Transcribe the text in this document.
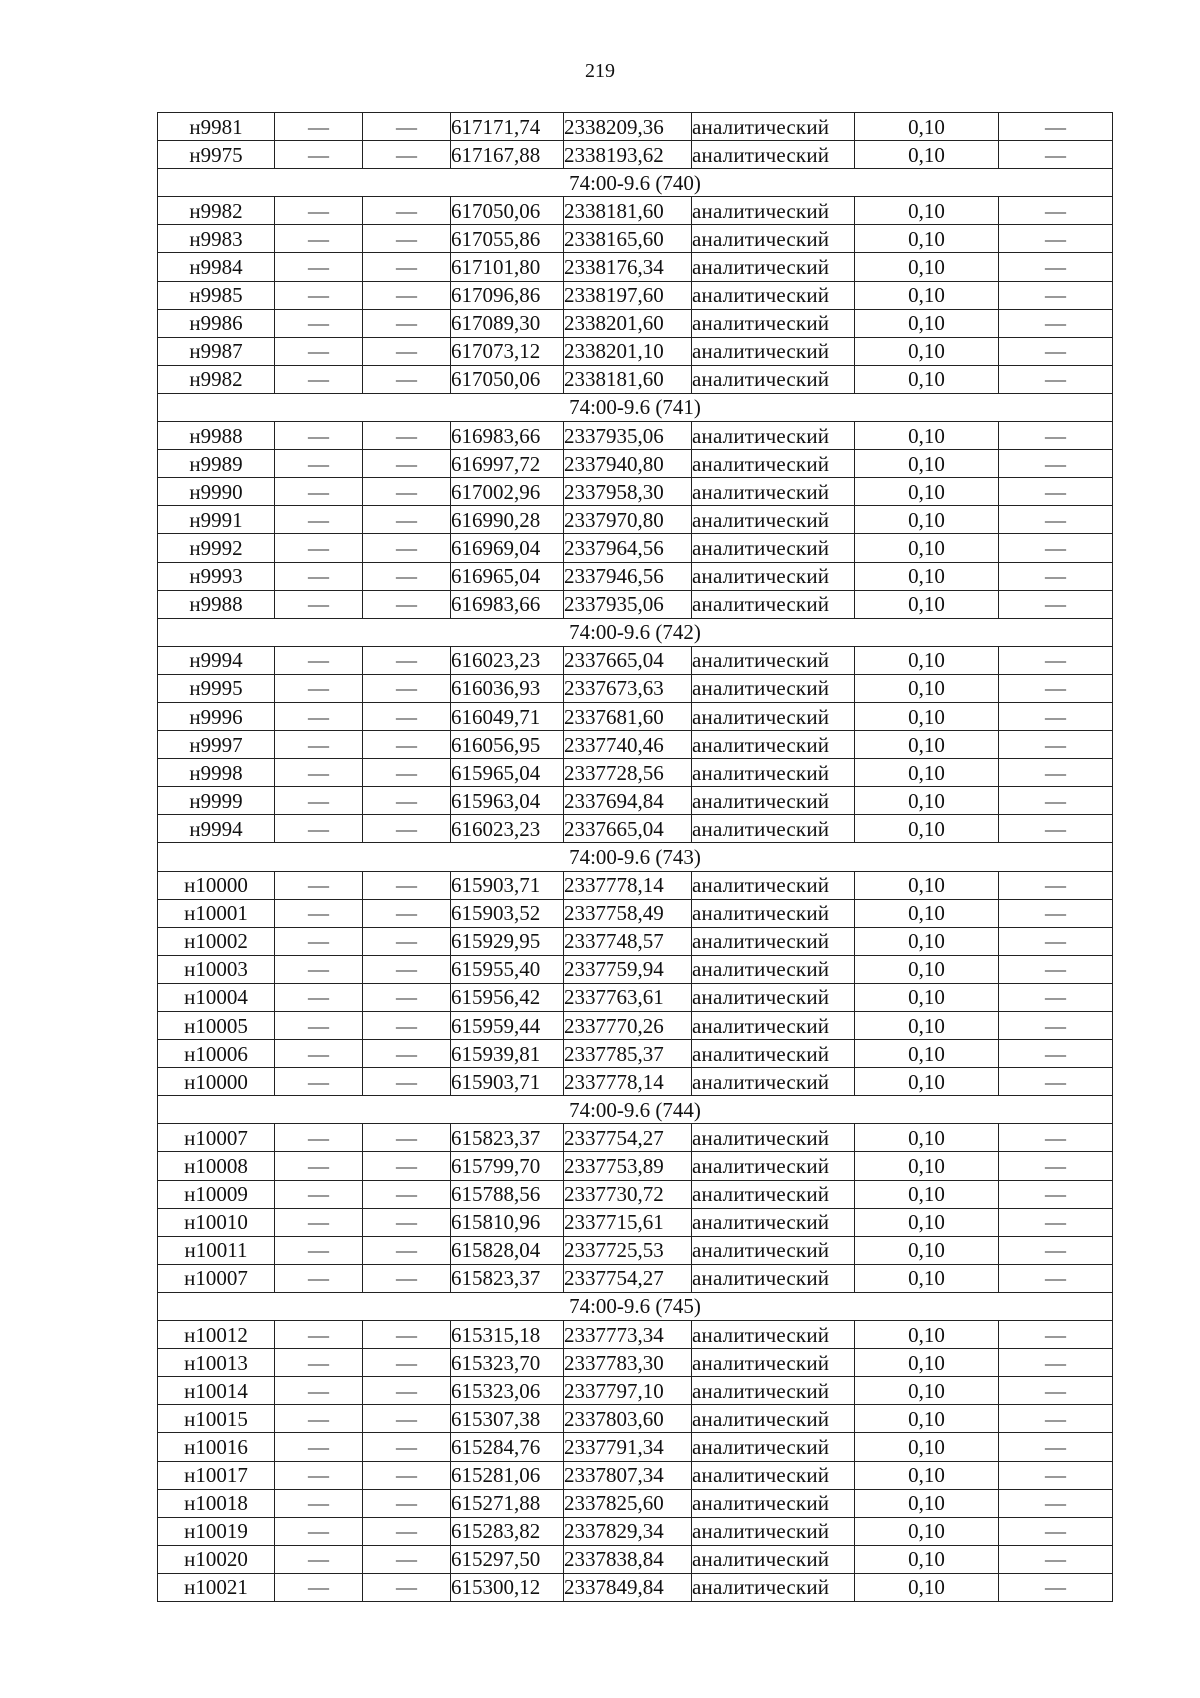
219
н9981	—	—	617171,74	2338209,36	аналитический	0,10	—
н9975	—	—	617167,88	2338193,62	аналитический	0,10	—
74:00-9.6 (740)							
н9982	—	—	617050,06	2338181,60	аналитический	0,10	—
н9983	—	—	617055,86	2338165,60	аналитический	0,10	—
н9984	—	—	617101,80	2338176,34	аналитический	0,10	—
н9985	—	—	617096,86	2338197,60	аналитический	0,10	—
н9986	—	—	617089,30	2338201,60	аналитический	0,10	—
н9987	—	—	617073,12	2338201,10	аналитический	0,10	—
н9982	—	—	617050,06	2338181,60	аналитический	0,10	—
74:00-9.6 (741)							
н9988	—	—	616983,66	2337935,06	аналитический	0,10	—
н9989	—	—	616997,72	2337940,80	аналитический	0,10	—
н9990	—	—	617002,96	2337958,30	аналитический	0,10	—
н9991	—	—	616990,28	2337970,80	аналитический	0,10	—
н9992	—	—	616969,04	2337964,56	аналитический	0,10	—
н9993	—	—	616965,04	2337946,56	аналитический	0,10	—
н9988	—	—	616983,66	2337935,06	аналитический	0,10	—
74:00-9.6 (742)							
н9994	—	—	616023,23	2337665,04	аналитический	0,10	—
н9995	—	—	616036,93	2337673,63	аналитический	0,10	—
н9996	—	—	616049,71	2337681,60	аналитический	0,10	—
н9997	—	—	616056,95	2337740,46	аналитический	0,10	—
н9998	—	—	615965,04	2337728,56	аналитический	0,10	—
н9999	—	—	615963,04	2337694,84	аналитический	0,10	—
н9994	—	—	616023,23	2337665,04	аналитический	0,10	—
74:00-9.6 (743)							
н10000	—	—	615903,71	2337778,14	аналитический	0,10	—
н10001	—	—	615903,52	2337758,49	аналитический	0,10	—
н10002	—	—	615929,95	2337748,57	аналитический	0,10	—
н10003	—	—	615955,40	2337759,94	аналитический	0,10	—
н10004	—	—	615956,42	2337763,61	аналитический	0,10	—
н10005	—	—	615959,44	2337770,26	аналитический	0,10	—
н10006	—	—	615939,81	2337785,37	аналитический	0,10	—
н10000	—	—	615903,71	2337778,14	аналитический	0,10	—
74:00-9.6 (744)							
н10007	—	—	615823,37	2337754,27	аналитический	0,10	—
н10008	—	—	615799,70	2337753,89	аналитический	0,10	—
н10009	—	—	615788,56	2337730,72	аналитический	0,10	—
н10010	—	—	615810,96	2337715,61	аналитический	0,10	—
н10011	—	—	615828,04	2337725,53	аналитический	0,10	—
н10007	—	—	615823,37	2337754,27	аналитический	0,10	—
74:00-9.6 (745)							
н10012	—	—	615315,18	2337773,34	аналитический	0,10	—
н10013	—	—	615323,70	2337783,30	аналитический	0,10	—
н10014	—	—	615323,06	2337797,10	аналитический	0,10	—
н10015	—	—	615307,38	2337803,60	аналитический	0,10	—
н10016	—	—	615284,76	2337791,34	аналитический	0,10	—
н10017	—	—	615281,06	2337807,34	аналитический	0,10	—
н10018	—	—	615271,88	2337825,60	аналитический	0,10	—
н10019	—	—	615283,82	2337829,34	аналитический	0,10	—
н10020	—	—	615297,50	2337838,84	аналитический	0,10	—
н10021	—	—	615300,12	2337849,84	аналитический	0,10	—
